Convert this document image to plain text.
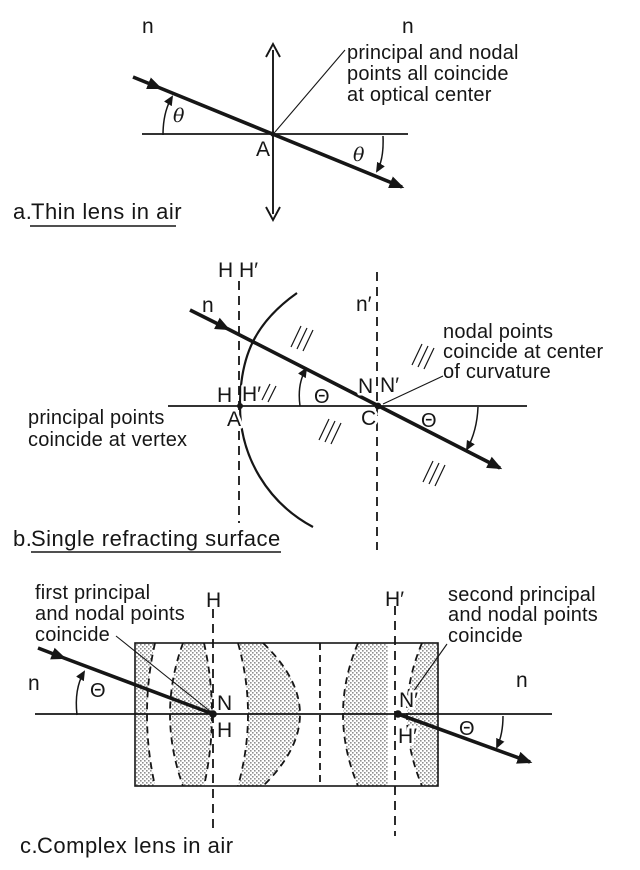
n	n
θ
θ
A
principal and nodal
points all coincide
at optical center
a.
Thin lens in air
H H′
n	n′
Θ
Θ
H H′
A
N N′
C
nodal points
coincide at center
of curvature
principal points
coincide at vertex
b.
Single refracting surface
H	H′
Θ
Θ
n	n
N
H
N′
H′
first principal
and nodal points
coincide
second principal
and nodal points
coincide
c.
Complex lens in air
